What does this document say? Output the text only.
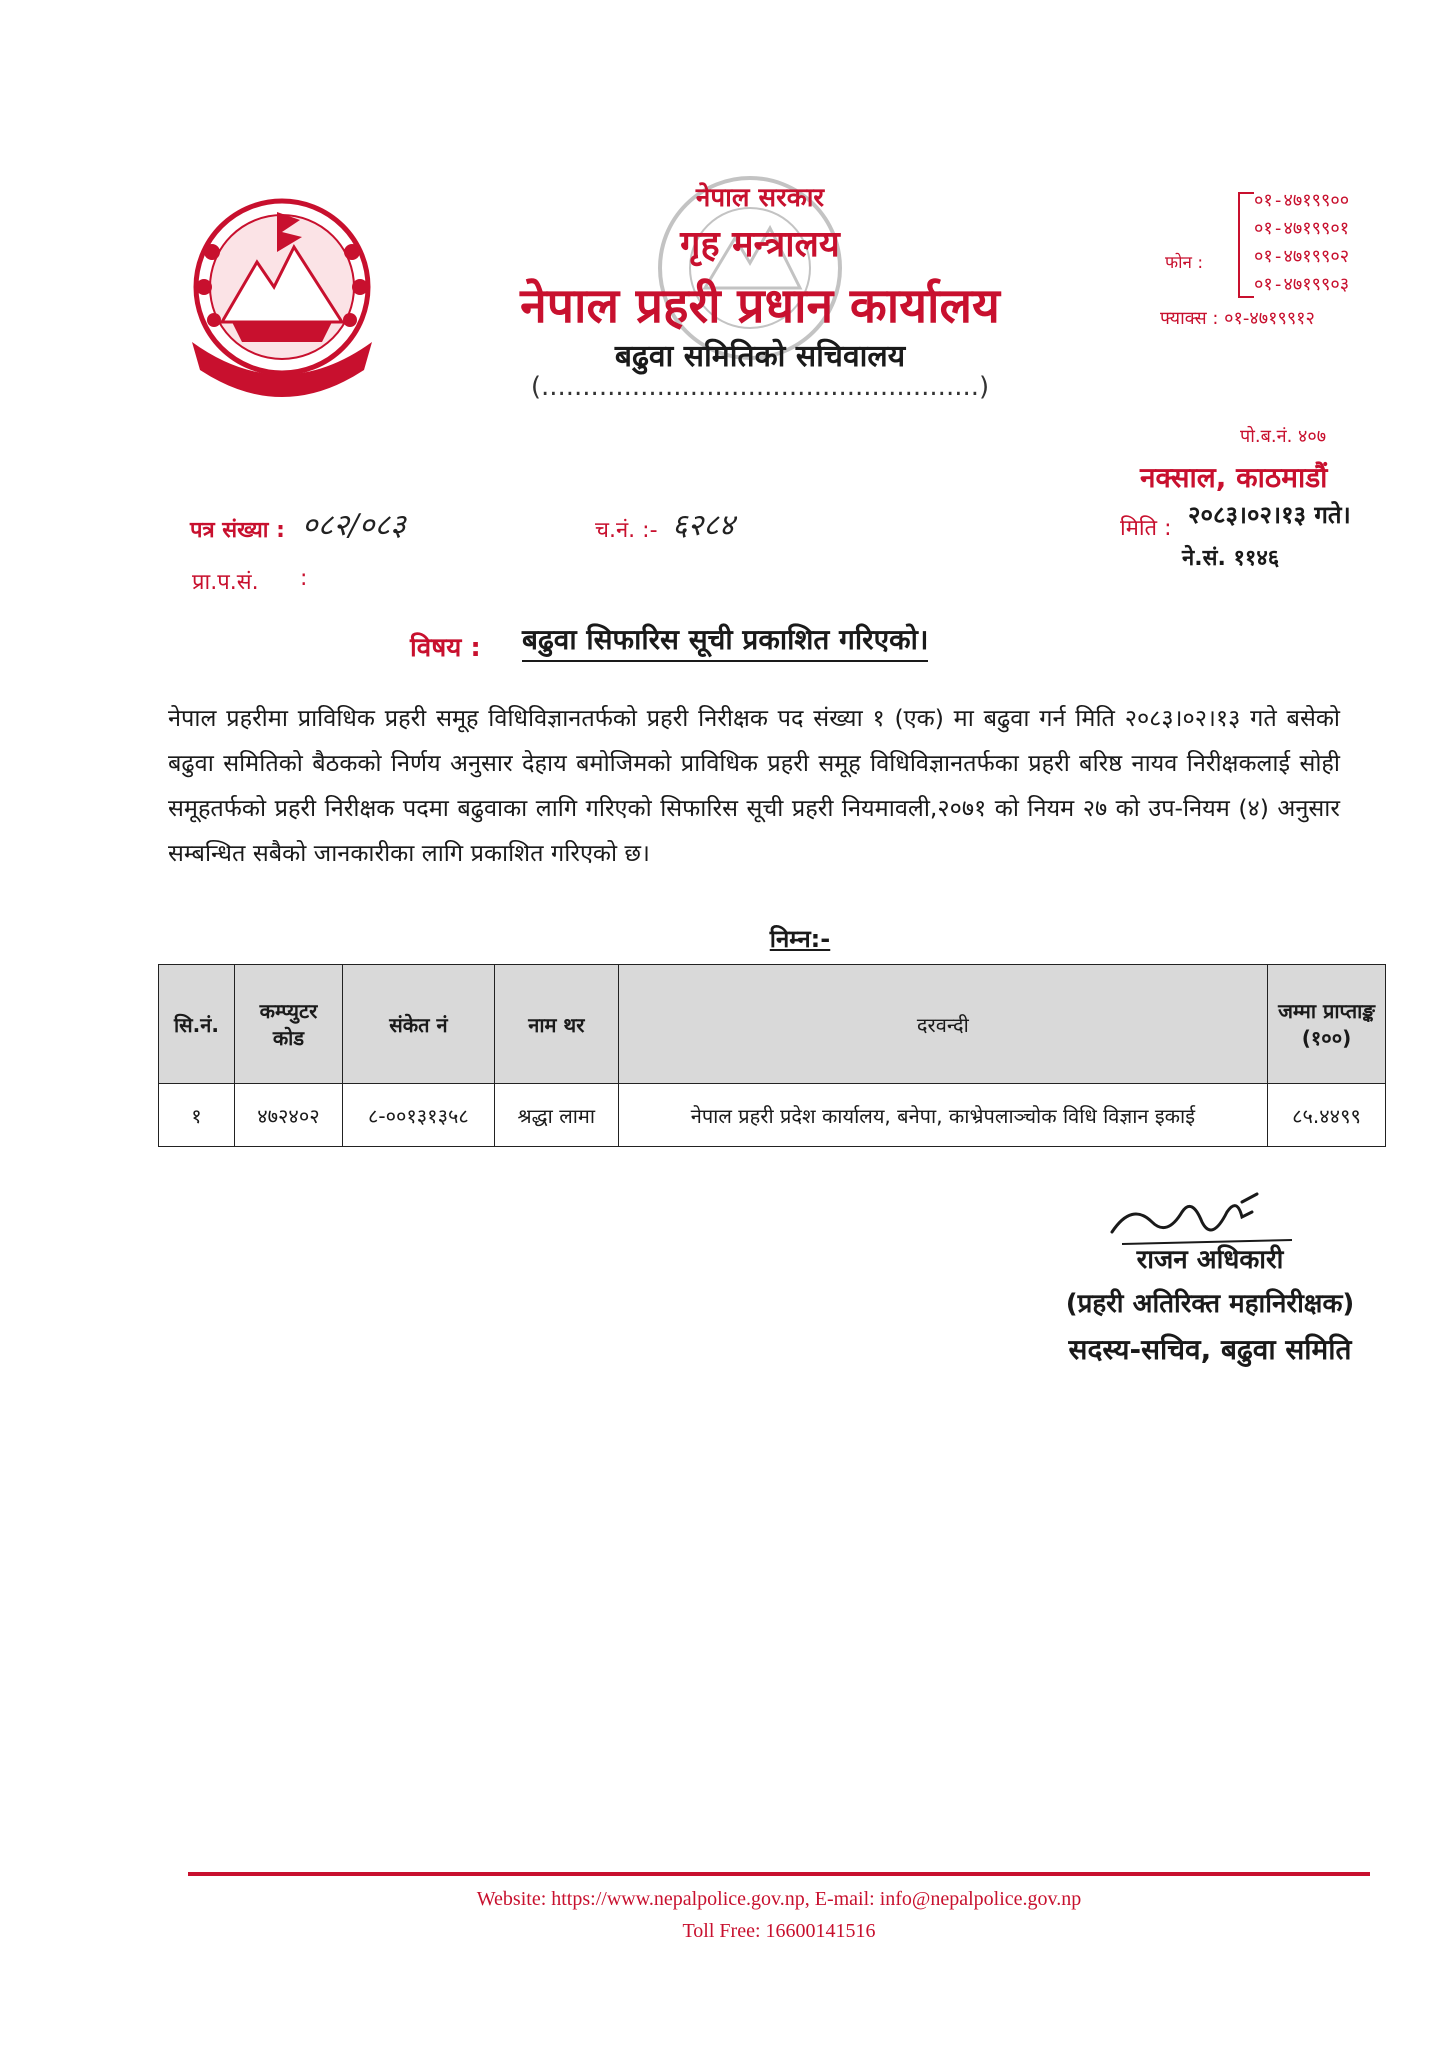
नेपाल सरकार
गृह मन्त्रालय
नेपाल प्रहरी प्रधान कार्यालय
बढुवा समितिको सचिवालय
(.....................................................)
फोन :
०१-४७१९९००
०१-४७१९९०१
०१-४७१९९०२
०१-४७१९९०३
फ्याक्स : ०१-४७१९९१२
पो.ब.नं. ४०७
नक्साल, काठमाडौं
मिति : २०८३।०२।१३ गते।
ने.सं. ११४६
पत्र संख्या : ०८२/०८३	च.नं. :- ६२८४
प्रा.प.सं. :
विषय : बढुवा सिफारिस सूची प्रकाशित गरिएको।
नेपाल प्रहरीमा प्राविधिक प्रहरी समूह विधिविज्ञानतर्फको प्रहरी निरीक्षक पद संख्या १ (एक) मा बढुवा गर्न मिति २०८३।०२।१३ गते बसेको बढुवा समितिको बैठकको निर्णय अनुसार देहाय बमोजिमको प्राविधिक प्रहरी समूह विधिविज्ञानतर्फका प्रहरी बरिष्ठ नायव निरीक्षकलाई सोही समूहतर्फको प्रहरी निरीक्षक पदमा बढुवाका लागि गरिएको सिफारिस सूची प्रहरी नियमावली,२०७१ को नियम २७ को उप-नियम (४) अनुसार सम्बन्धित सबैको जानकारीका लागि प्रकाशित गरिएको छ।
निम्न:-
सि.नं.	कम्प्युटर कोड	संकेत नं	नाम थर	दरवन्दी	जम्मा प्राप्ताङ्क (१००)
१	४७२४०२	८-००१३१३५८	श्रद्धा लामा	नेपाल प्रहरी प्रदेश कार्यालय, बनेपा, काभ्रेपलाञ्चोक विधि विज्ञान इकाई	८५.४४९९
राजन अधिकारी
(प्रहरी अतिरिक्त महानिरीक्षक)
सदस्य-सचिव, बढुवा समिति
Website: https://www.nepalpolice.gov.np, E-mail: info@nepalpolice.gov.np
Toll Free: 16600141516
